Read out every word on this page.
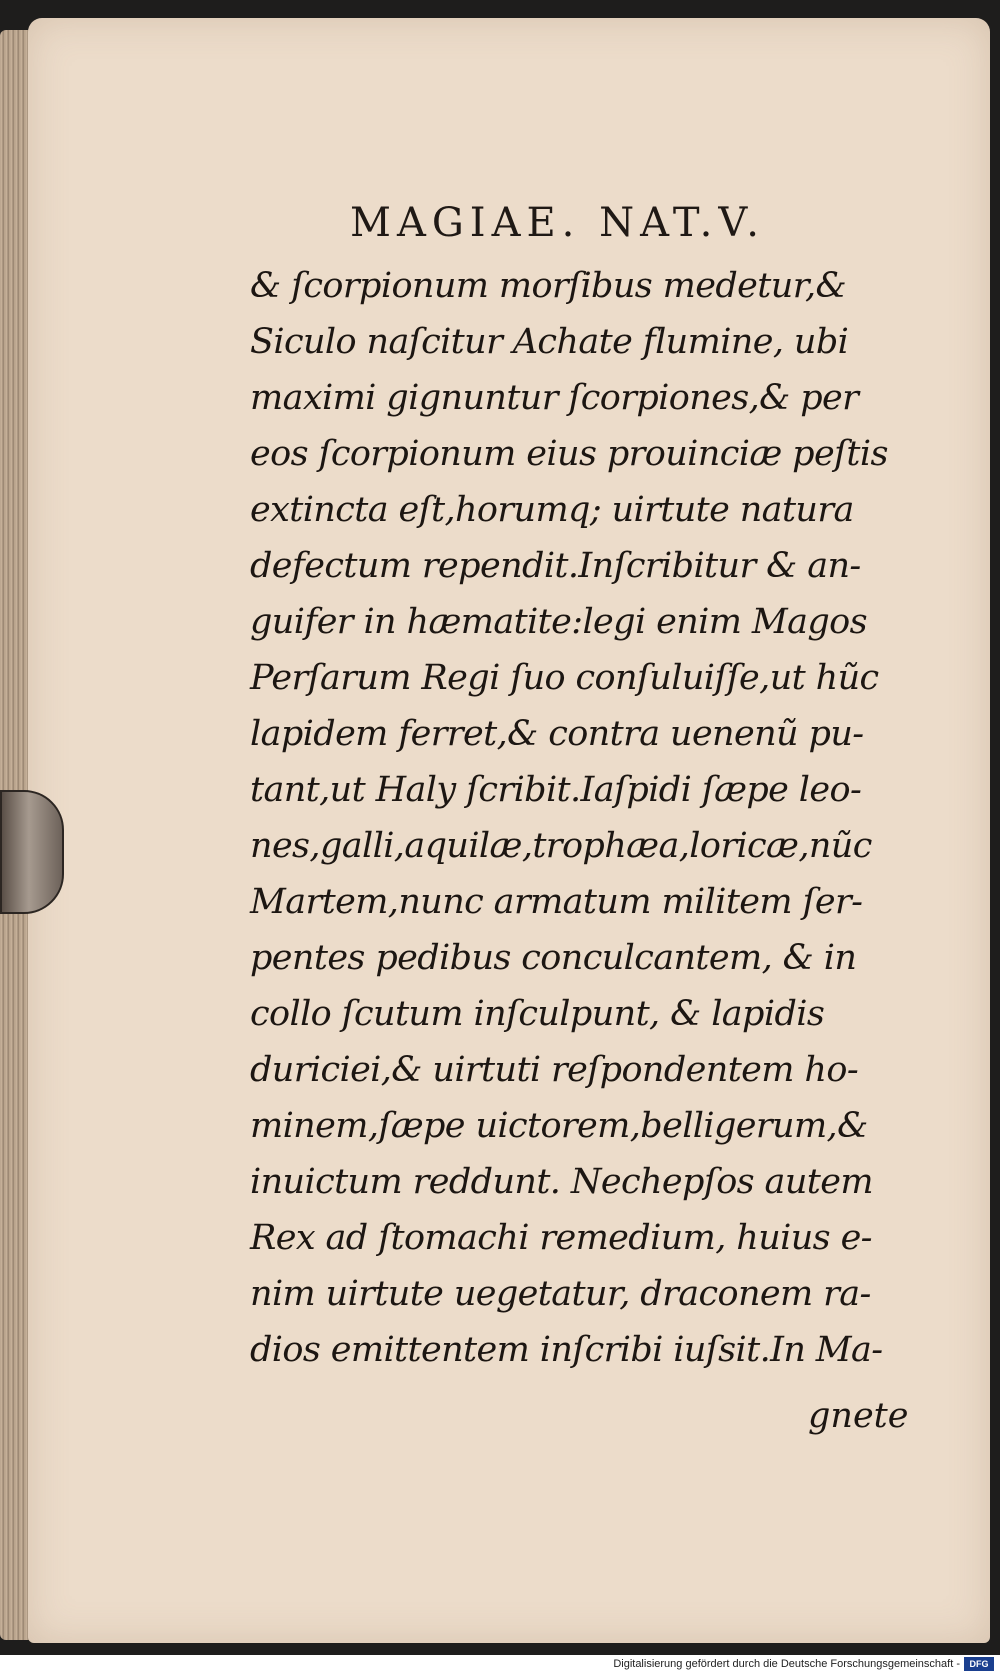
MAGIAE. NAT.V.
& ſcorpionum morſibus medetur,&
Siculo naſcitur Achate flumine, ubi
maximi gignuntur ſcorpiones,& per
eos ſcorpionum eius prouinciæ peſtis
extincta eſt,horumq; uirtute natura
defectum rependit.Inſcribitur & an-
guifer in hæmatite:legi enim Magos
Perſarum Regi ſuo conſuluiſſe,ut hũc
lapidem ferret,& contra uenenũ pu-
tant,ut Haly ſcribit.Iaſpidi ſæpe leo-
nes,galli,aquilæ,trophæa,loricæ,nũc
Martem,nunc armatum militem ſer-
pentes pedibus conculcantem, & in
collo ſcutum inſculpunt, & lapidis
duriciei,& uirtuti reſpondentem ho-
minem,ſæpe uictorem,belligerum,&
inuictum reddunt. Nechepſos autem
Rex ad ſtomachi remedium, huius e-
nim uirtute uegetatur, draconem ra-
dios emittentem inſcribi iuſsit.In Ma-
gnete
Digitalisierung gefördert durch die Deutsche Forschungsgemeinschaft -	DFG
